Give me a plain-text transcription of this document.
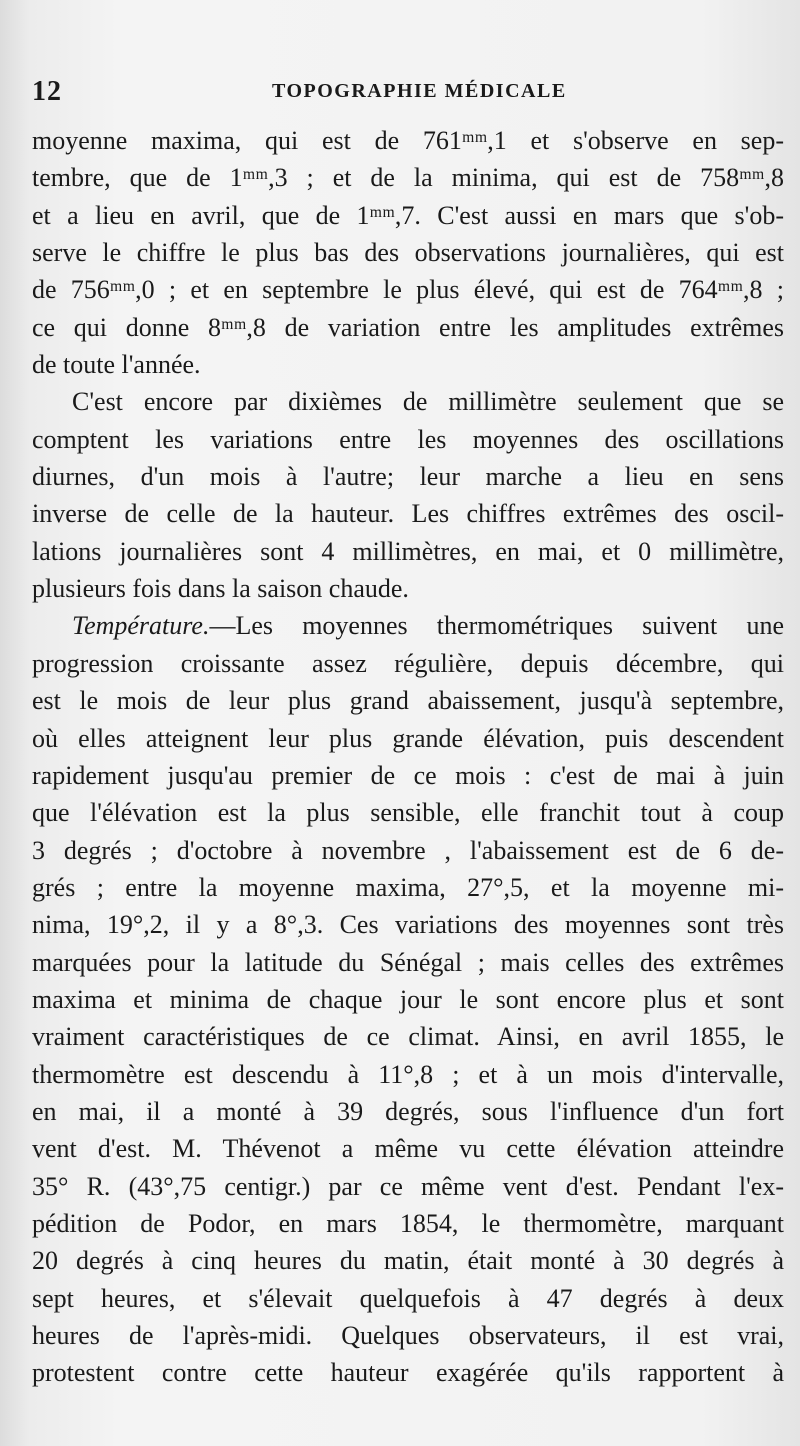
12	TOPOGRAPHIE MÉDICALE
moyenne maxima, qui est de 761ᵐᵐ,1 et s'observe en sep-
tembre, que de 1ᵐᵐ,3 ; et de la minima, qui est de 758ᵐᵐ,8
et a lieu en avril, que de 1ᵐᵐ,7. C'est aussi en mars que s'ob-
serve le chiffre le plus bas des observations journalières, qui est
de 756ᵐᵐ,0 ; et en septembre le plus élevé, qui est de 764ᵐᵐ,8 ;
ce qui donne 8ᵐᵐ,8 de variation entre les amplitudes extrêmes
de toute l'année.
C'est encore par dixièmes de millimètre seulement que se
comptent les variations entre les moyennes des oscillations
diurnes, d'un mois à l'autre; leur marche a lieu en sens
inverse de celle de la hauteur. Les chiffres extrêmes des oscil-
lations journalières sont 4 millimètres, en mai, et 0 millimètre,
plusieurs fois dans la saison chaude.
Température.—Les moyennes thermométriques suivent une
progression croissante assez régulière, depuis décembre, qui
est le mois de leur plus grand abaissement, jusqu'à septembre,
où elles atteignent leur plus grande élévation, puis descendent
rapidement jusqu'au premier de ce mois : c'est de mai à juin
que l'élévation est la plus sensible, elle franchit tout à coup
3 degrés ; d'octobre à novembre , l'abaissement est de 6 de-
grés ; entre la moyenne maxima, 27°,5, et la moyenne mi-
nima, 19°,2, il y a 8°,3. Ces variations des moyennes sont très
marquées pour la latitude du Sénégal ; mais celles des extrêmes
maxima et minima de chaque jour le sont encore plus et sont
vraiment caractéristiques de ce climat. Ainsi, en avril 1855, le
thermomètre est descendu à 11°,8 ; et à un mois d'intervalle,
en mai, il a monté à 39 degrés, sous l'influence d'un fort
vent d'est. M. Thévenot a même vu cette élévation atteindre
35° R. (43°,75 centigr.) par ce même vent d'est. Pendant l'ex-
pédition de Podor, en mars 1854, le thermomètre, marquant
20 degrés à cinq heures du matin, était monté à 30 degrés à
sept heures, et s'élevait quelquefois à 47 degrés à deux
heures de l'après-midi. Quelques observateurs, il est vrai,
protestent contre cette hauteur exagérée qu'ils rapportent à
